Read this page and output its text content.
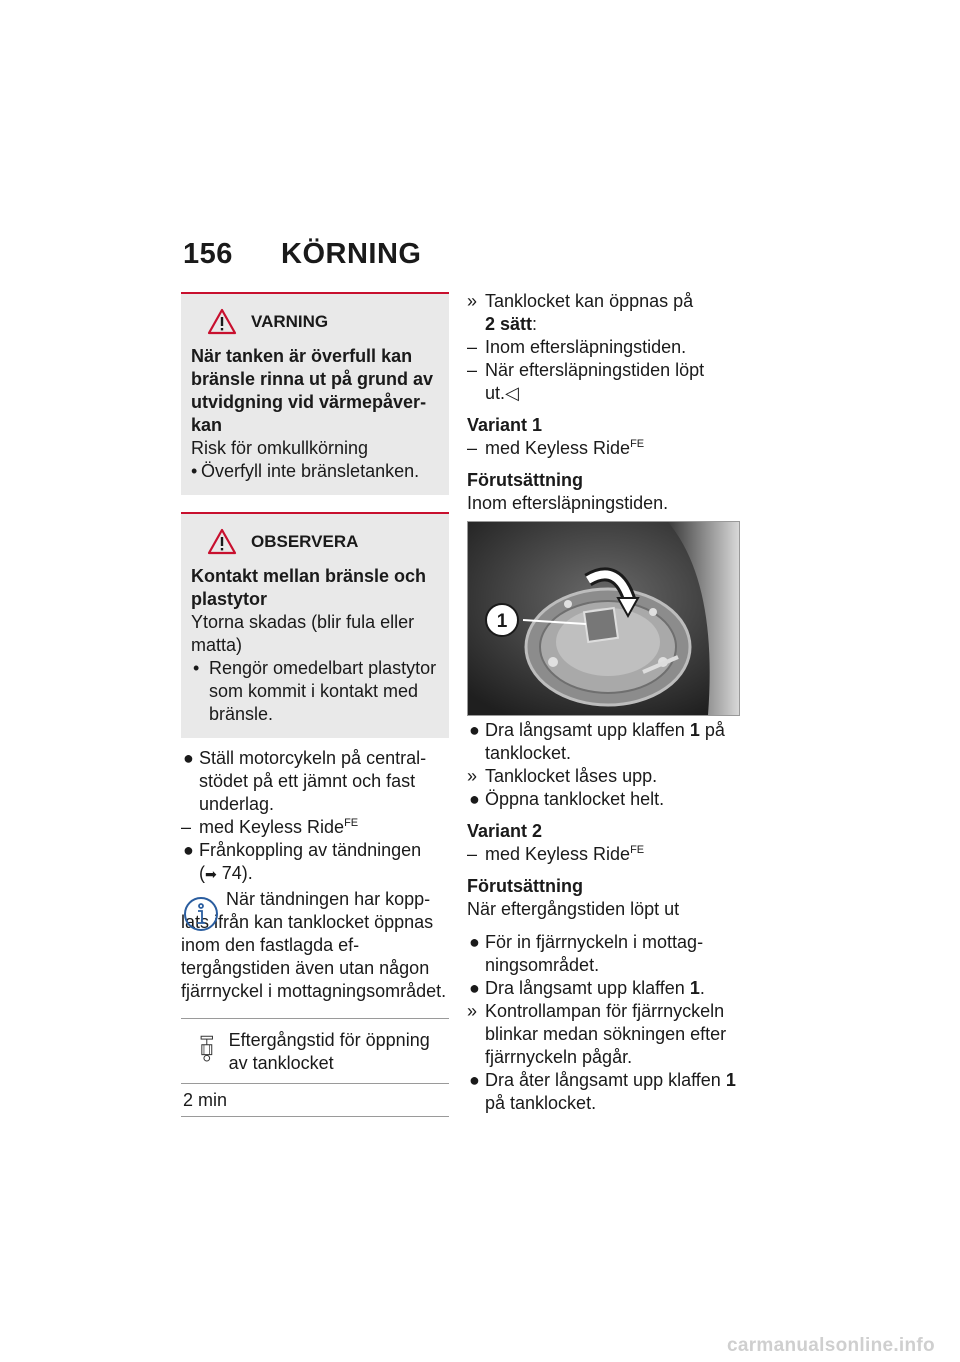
156 KÖRNING
VARNING
När tanken är överfull kan bränsle rinna ut på grund av utvidgning vid värmepåverkan
Risk för omkullkörning
• Överfyll inte bränsletanken.
OBSERVERA
Kontakt mellan bränsle och plastytor
Ytorna skadas (blir fula eller matta)
• Rengör omedelbart plastytor som kommit i kontakt med bränsle.
● Ställ motorcykeln på centralstödet på ett jämnt och fast underlag.
– med Keyless Ride$^{FE}$
● Frånkoppling av tändningen
(➡ 74).
När tändningen har kopplats ifrån kan tanklocket öppnas inom den fastlagda eftergångstiden även utan någon fjärrnyckel i mottagningsområdet.
Eftergångstid för öppning av tanklocket
2 min
» Tanklocket kan öppnas på
2 sätt:
– Inom eftersläpningstiden.
– När eftersläpningstiden löpt ut.◁
Variant 1
– med Keyless Ride$^{FE}$
Förutsättning
Inom eftersläpningstiden.
1
● Dra långsamt upp klaffen 1 på tanklocket.
» Tanklocket låses upp.
● Öppna tanklocket helt.
Variant 2
– med Keyless Ride$^{FE}$
Förutsättning
När eftergångstiden löpt ut
● För in fjärrnyckeln i mottagningsområdet.
● Dra långsamt upp klaffen 1.
» Kontrollampan för fjärrnyckeln blinkar medan sökningen efter fjärrnyckeln pågår.
● Dra åter långsamt upp klaffen 1 på tanklocket.
carmanualsonline.info
